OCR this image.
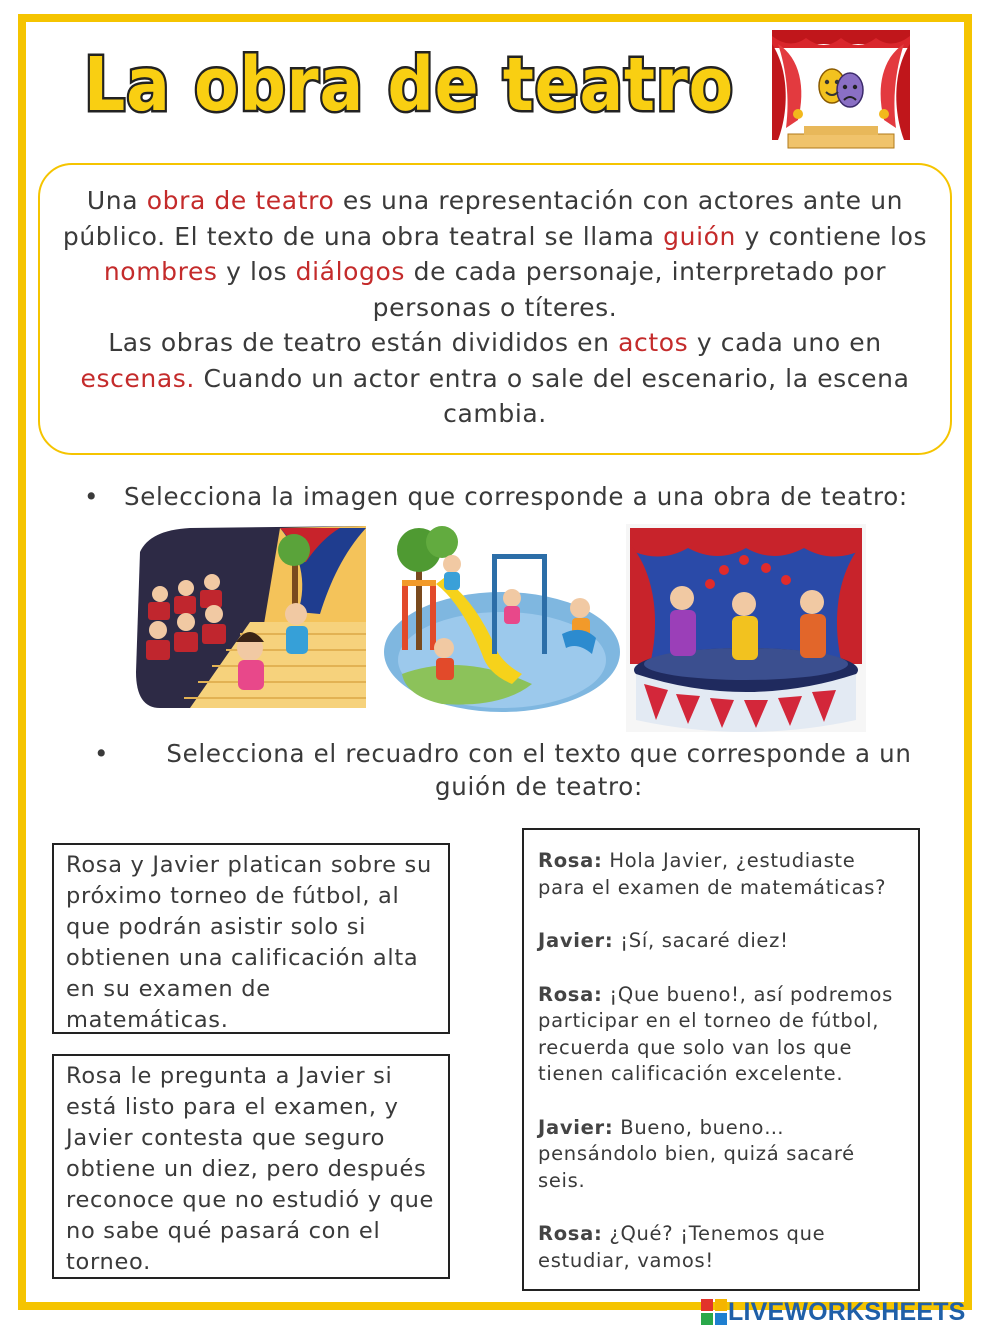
La obra de teatro

Una obra de teatro es una representación con actores ante un público. El texto de una obra teatral se llama guión y contiene los nombres y los diálogos de cada personaje, interpretado por personas o títeres.

Las obras de teatro están divididos en actos y cada uno en escenas. Cuando un actor entra o sale del escenario, la escena cambia.

• Selecciona la imagen que corresponde a una obra de teatro:
• Selecciona el recuadro con el texto que corresponde a un guión de teatro:
Rosa y Javier platican sobre su próximo torneo de fútbol, al que podrán asistir solo si obtienen una calificación alta en su examen de matemáticas.
Rosa le pregunta a Javier si está listo para el examen, y Javier contesta que seguro obtiene un diez, pero después reconoce que no estudió y que no sabe qué pasará con el torneo.

Rosa: Hola Javier, ¿estudiaste para el examen de matemáticas?

Javier: ¡Sí, sacaré diez!

Rosa: ¡Que bueno!, así podremos participar en el torneo de fútbol, recuerda que solo van los que tienen calificación excelente.

Javier: Bueno, bueno… pensándolo bien, quizá sacaré seis.

Rosa: ¿Qué? ¡Tenemos que estudiar, vamos!

LIVEWORKSHEETS
